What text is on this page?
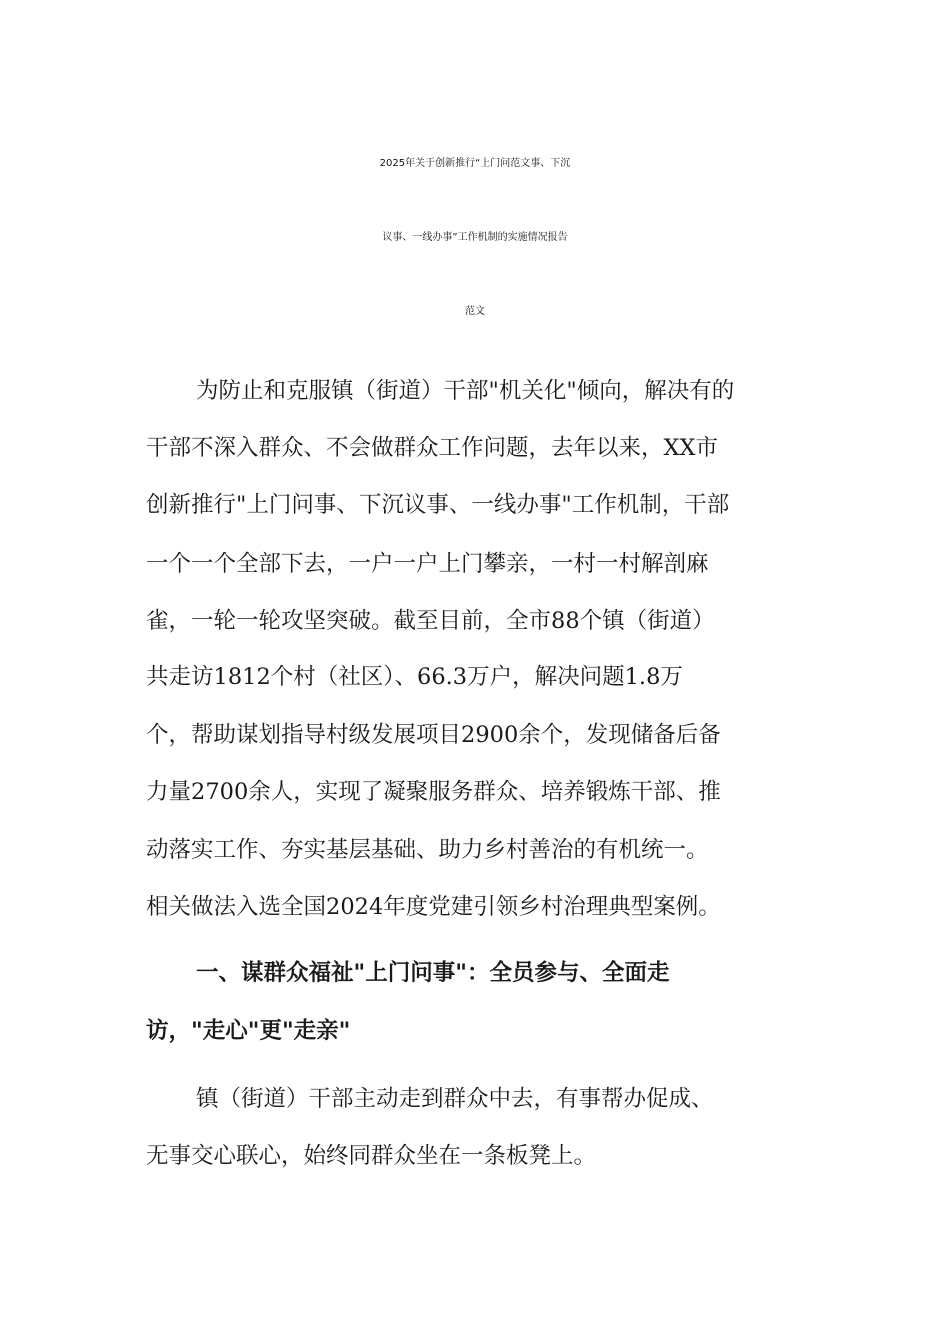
2025年关于创新推行“上门问范文事、下沉
议事、一线办事”工作机制的实施情况报告
范文
为防止和克服镇（街道）干部"机关化"倾向，解决有的
干部不深入群众、不会做群众工作问题，去年以来，XX市
创新推行"上门问事、下沉议事、一线办事"工作机制，干部
一个一个全部下去，一户一户上门攀亲，一村一村解剖麻
雀，一轮一轮攻坚突破。截至目前，全市88个镇（街道）
共走访1812个村（社区）、66.3万户，解决问题1.8万
个，帮助谋划指导村级发展项目2900余个，发现储备后备
力量2700余人，实现了凝聚服务群众、培养锻炼干部、推
动落实工作、夯实基层基础、助力乡村善治的有机统一。
相关做法入选全国2024年度党建引领乡村治理典型案例。
一、谋群众福祉"上门问事"：全员参与、全面走
访，"走心"更"走亲"
镇（街道）干部主动走到群众中去，有事帮办促成、
无事交心联心，始终同群众坐在一条板凳上。
